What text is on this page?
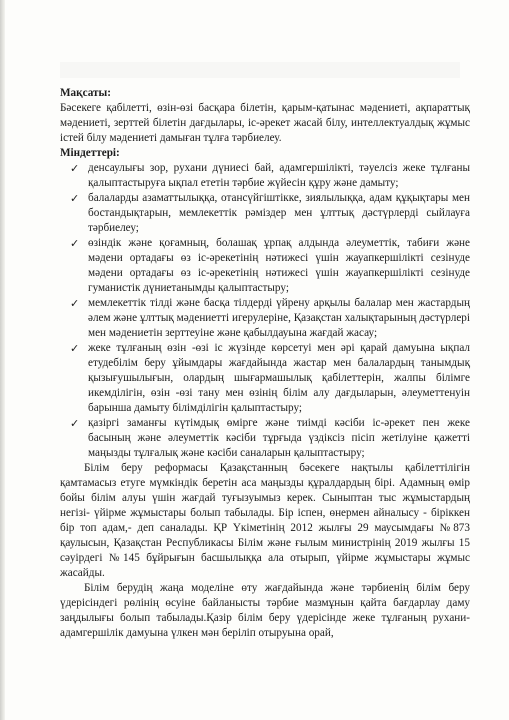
Мақсаты:

Бәсекеге қабілетті, өзін-өзі басқара білетін, қарым-қатынас мәдениеті, ақпараттық мәдениеті, зерттей білетін дағдылары, іс-әрекет жасай білу, интеллектуалдық жұмыс істей білу мәдениеті дамыған тұлға тәрбиелеу.

Міндеттері:

✓ денсаулығы зор, рухани дүниесі бай, адамгершілікті, тәуелсіз жеке тұлғаны қалыптастыруға ықпал ететін тәрбие жүйесін құру және дамыту;
✓ балаларды азаматтылыққа, отансүйгіштікке, зиялылыққа, адам құқықтары мен бостандықтарын, мемлекеттік рәміздер мен ұлттық дәстүрлерді сыйлауға тәрбиелеу;
✓ өзіндік және қоғамның, болашақ ұрпақ алдында әлеуметтік, табиғи және мәдени ортадағы өз іс-әрекетінің нәтижесі үшін жауапкершілікті сезінуде мәдени ортадағы өз іс-әрекетінің нәтижесі үшін жауапкершілікті сезінуде гуманистік дүниетанымды қалыптастыру;
✓ мемлекеттік тілді және басқа тілдерді үйрену арқылы балалар мен жастардың әлем және ұлттық мәдениетті игерулеріне, Қазақстан халықтарының дәстүрлері мен мәдениетін зерттеуіне және қабылдауына жағдай жасау;
✓ жеке тұлғаның өзін -өзі іс жүзінде көрсетуі мен әрі қарай дамуына ықпал етудебілім беру ұйымдары жағдайында жастар мен балалардың танымдық қызығушылығын, олардың шығармашылық қабілеттерін, жалпы білімге икемділігін, өзін -өзі тану мен өзінің білім алу дағдыларын, әлеуметтенуін барынша дамыту білімділігін қалыптастыру;
✓ қазіргі заманғы күтімдық өмірге және тиімді кәсіби іс-әрекет пен жеке басының және әлеуметтік кәсіби тұрғыда үздіксіз пісіп жетілуіне қажетті маңызды тұлғалық және кәсіби саналарын қалыптастыру;

Білім беру реформасы Қазақстанның бәсекеге нақтылы қабілеттілігін қамтамасыз етуге мүмкіндік беретін аса маңызды құралдардың бірі. Адамның өмір бойы білім алуы үшін жағдай туғызуымыз керек. Сыныптан тыс жұмыстардың негізі- үйірме жұмыстары болып табылады. Бір іспен, өнермен айналысу - біріккен бір топ адам,- деп саналады. ҚР Үкіметінің 2012 жылғы 29 маусымдағы №873 қаулысын, Қазақстан Республикасы Білім және ғылым министрінің 2019 жылғы 15 сәуірдегі №145 бұйрығын басшылыққа ала отырып, үйірме жұмыстары жұмыс жасайды.

Білім берудің жаңа моделіне өту жағдайында және тәрбиенің білім беру үдерісіндегі рөлінің өсуіне байланысты тәрбие мазмұнын қайта бағдарлау даму заңдылығы болып табылады.Қазір білім беру үдерісінде жеке тұлғаның рухани-адамгершілік дамуына үлкен мән беріліп отыруына орай,
